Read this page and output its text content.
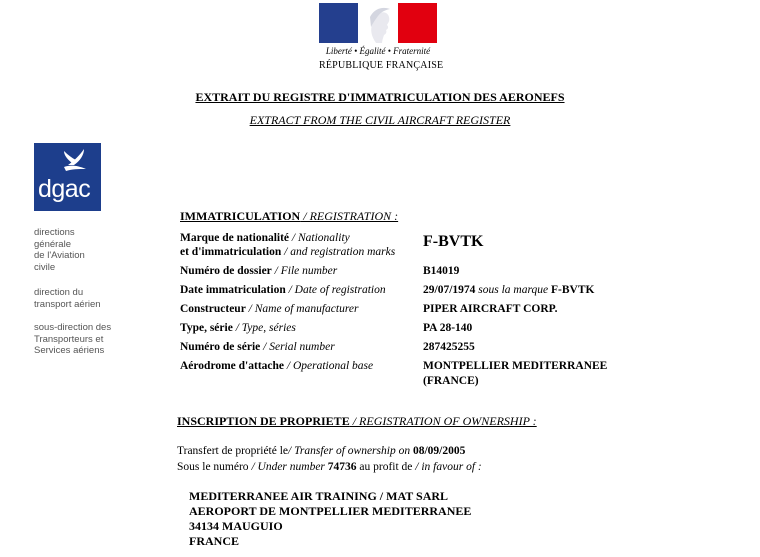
Liberté • Égalité • Fraternité
RÉPUBLIQUE FRANÇAISE
EXTRAIT DU REGISTRE D'IMMATRICULATION DES AERONEFS
EXTRACT FROM THE CIVIL AIRCRAFT REGISTER
dgac
directions
générale
de l'Aviation
civile
direction du
transport aérien
sous-direction des
Transporteurs et
Services aériens
IMMATRICULATION / REGISTRATION :
Marque de nationalité / Nationality
et d'immatriculation / and registration marks
F-BVTK
Numéro de dossier / File number	B14019
Date immatriculation / Date of registration	29/07/1974 sous la marque F-BVTK
Constructeur / Name of manufacturer	PIPER AIRCRAFT CORP.
Type, série / Type, séries	PA 28-140
Numéro de série / Serial number	287425255
Aérodrome d'attache / Operational base	MONTPELLIER MEDITERRANEE
(FRANCE)
INSCRIPTION DE PROPRIETE / REGISTRATION OF OWNERSHIP :
Transfert de propriété le/ Transfer of ownership on 08/09/2005
Sous le numéro / Under number 74736 au profit de / in favour of :
MEDITERRANEE AIR TRAINING / MAT SARL
AEROPORT DE MONTPELLIER MEDITERRANEE
34134 MAUGUIO
FRANCE
